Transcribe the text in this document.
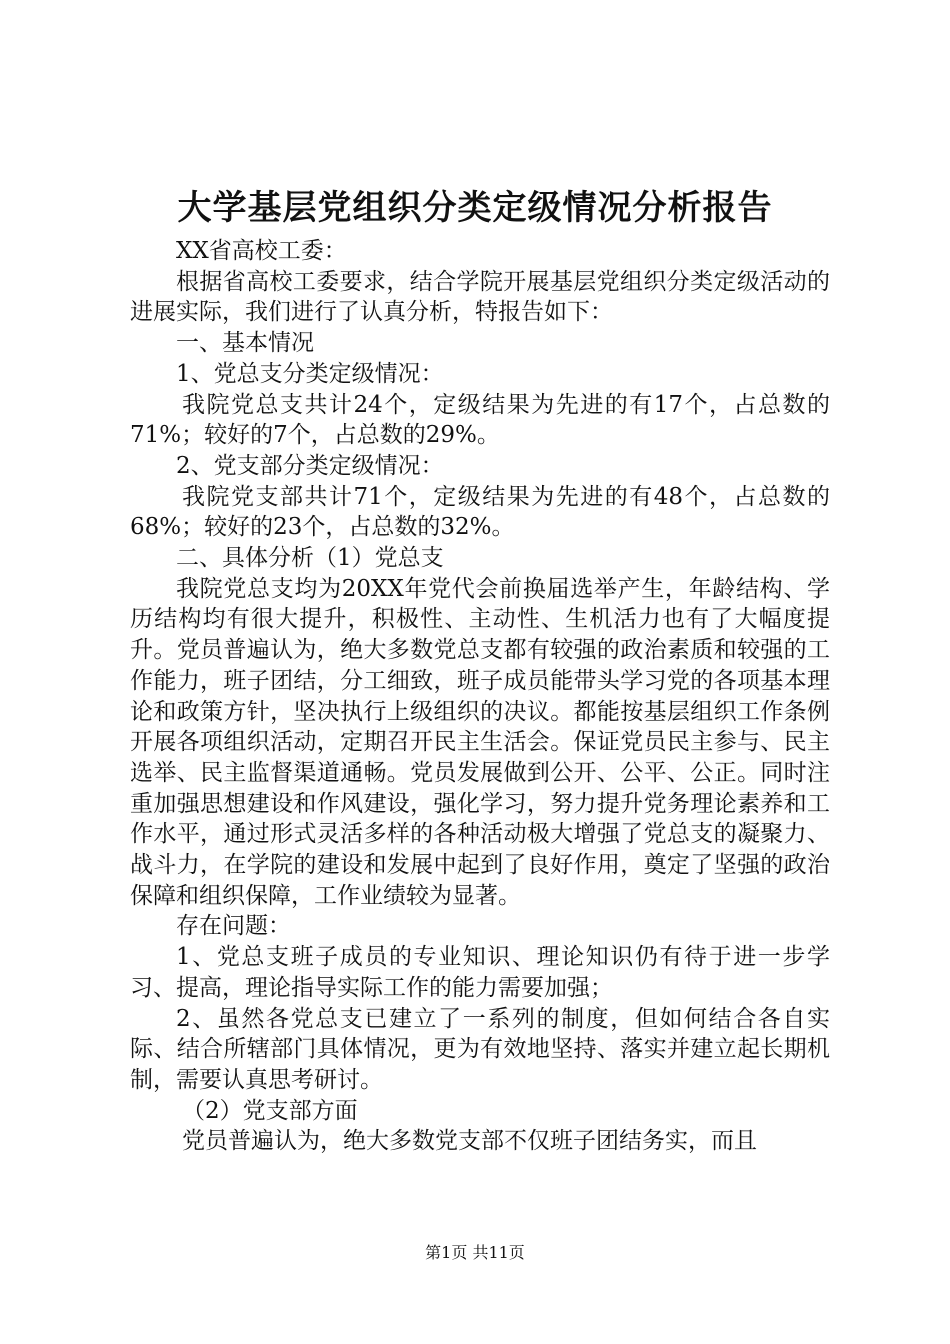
大学基层党组织分类定级情况分析报告

XX省高校工委：

根据省高校工委要求，结合学院开展基层党组织分类定级活动的进展实际，我们进行了认真分析，特报告如下：

一、基本情况

1、党总支分类定级情况：

我院党总支共计24个，定级结果为先进的有17个，占总数的71%；较好的7个，占总数的29%。

2、党支部分类定级情况：

我院党支部共计71个，定级结果为先进的有48个，占总数的68%；较好的23个，占总数的32%。

二、具体分析（1）党总支

我院党总支均为20XX年党代会前换届选举产生，年龄结构、学历结构均有很大提升，积极性、主动性、生机活力也有了大幅度提升。党员普遍认为，绝大多数党总支都有较强的政治素质和较强的工作能力，班子团结，分工细致，班子成员能带头学习党的各项基本理论和政策方针，坚决执行上级组织的决议。都能按基层组织工作条例开展各项组织活动，定期召开民主生活会。保证党员民主参与、民主选举、民主监督渠道通畅。党员发展做到公开、公平、公正。同时注重加强思想建设和作风建设，强化学习，努力提升党务理论素养和工作水平，通过形式灵活多样的各种活动极大增强了党总支的凝聚力、战斗力，在学院的建设和发展中起到了良好作用，奠定了坚强的政治保障和组织保障，工作业绩较为显著。

存在问题：

1、党总支班子成员的专业知识、理论知识仍有待于进一步学习、提高，理论指导实际工作的能力需要加强；

2、虽然各党总支已建立了一系列的制度，但如何结合各自实际、结合所辖部门具体情况，更为有效地坚持、落实并建立起长期机制，需要认真思考研讨。

（2）党支部方面

党员普遍认为，绝大多数党支部不仅班子团结务实，而且

第1页 共11页
